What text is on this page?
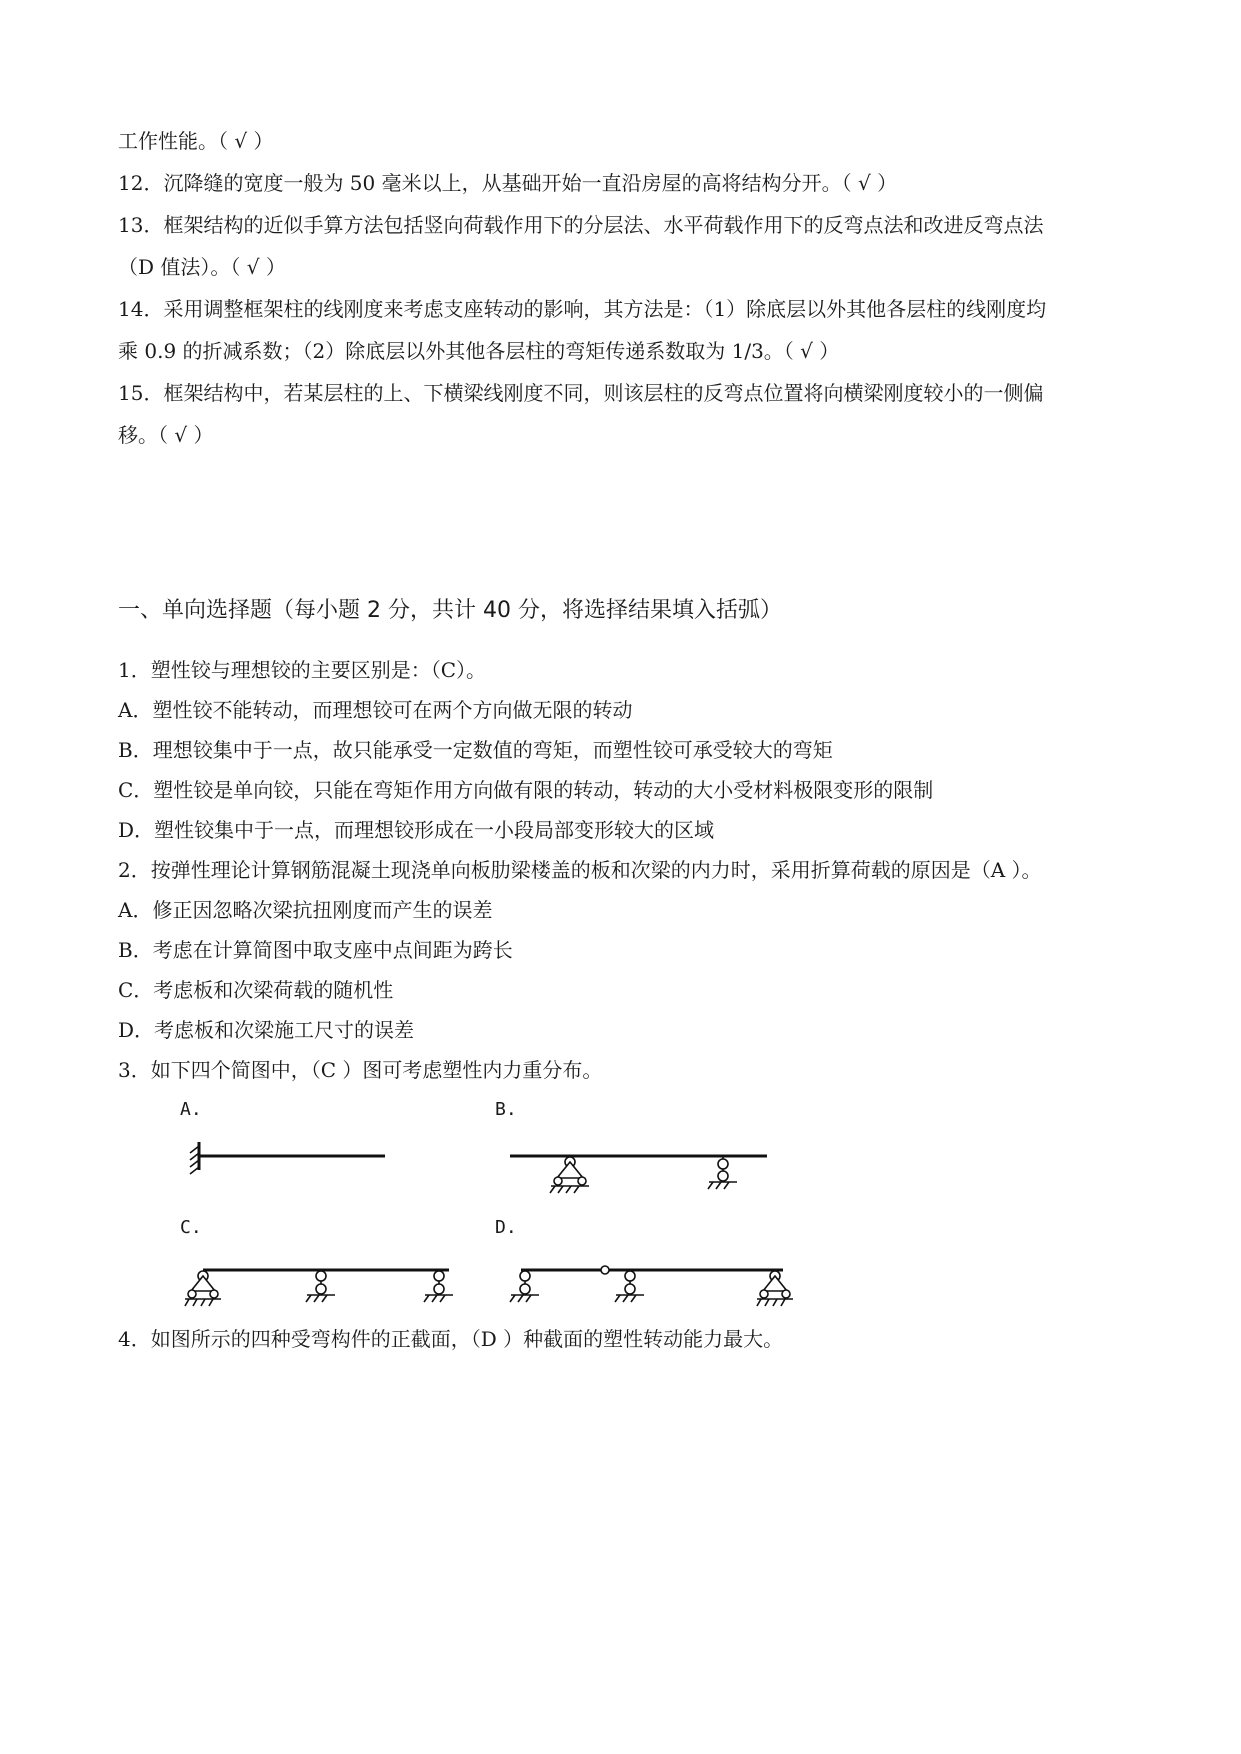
工作性能。（ √ ）
12．沉降缝的宽度一般为 50 毫米以上，从基础开始一直沿房屋的高将结构分开。（ √ ）
13．框架结构的近似手算方法包括竖向荷载作用下的分层法、水平荷载作用下的反弯点法和改进反弯点法
（D 值法）。（ √ ）
14．采用调整框架柱的线刚度来考虑支座转动的影响，其方法是：（1）除底层以外其他各层柱的线刚度均
乘 0.9 的折减系数；（2）除底层以外其他各层柱的弯矩传递系数取为 1/3。（ √ ）
15．框架结构中，若某层柱的上、下横梁线刚度不同，则该层柱的反弯点位置将向横梁刚度较小的一侧偏
移。（ √ ）
一、单向选择题（每小题 2 分，共计 40 分，将选择结果填入括弧）
1．塑性铰与理想铰的主要区别是：（C）。
A．塑性铰不能转动，而理想铰可在两个方向做无限的转动
B．理想铰集中于一点，故只能承受一定数值的弯矩，而塑性铰可承受较大的弯矩
C．塑性铰是单向铰，只能在弯矩作用方向做有限的转动，转动的大小受材料极限变形的限制
D．塑性铰集中于一点，而理想铰形成在一小段局部变形较大的区域
2．按弹性理论计算钢筋混凝土现浇单向板肋梁楼盖的板和次梁的内力时，采用折算荷载的原因是（A ）。
A．修正因忽略次梁抗扭刚度而产生的误差
B．考虑在计算简图中取支座中点间距为跨长
C．考虑板和次梁荷载的随机性
D．考虑板和次梁施工尺寸的误差
3．如下四个简图中，（C ）图可考虑塑性内力重分布。
A.	B.
C.	D.
4．如图所示的四种受弯构件的正截面，（D ）种截面的塑性转动能力最大。
